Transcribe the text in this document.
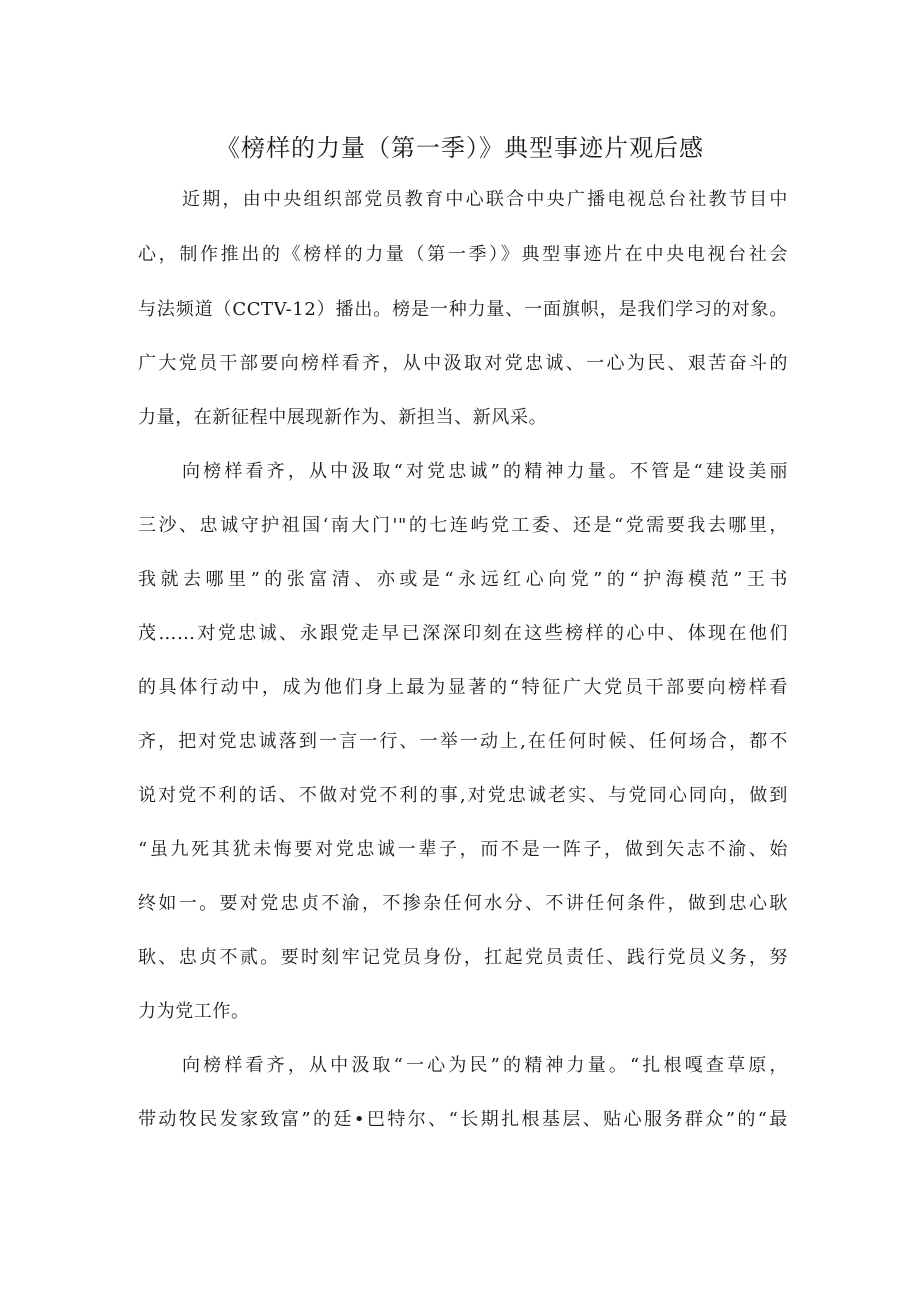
《榜样的力量（第一季）》典型事迹片观后感
近期，由中央组织部党员教育中心联合中央广播电视总台社教节目中
心，制作推出的《榜样的力量（第一季）》典型事迹片在中央电视台社会
与法频道（CCTV-12）播出。榜是一种力量、一面旗帜，是我们学习的对象。
广大党员干部要向榜样看齐，从中汲取对党忠诚、一心为民、艰苦奋斗的
力量，在新征程中展现新作为、新担当、新风采。
向榜样看齐，从中汲取“对党忠诚”的精神力量。不管是“建设美丽
三沙、忠诚守护祖国‘南大门'"的七连屿党工委、还是“党需要我去哪里，
我就去哪里”的张富清、亦或是“永远红心向党”的“护海模范”王书
茂……对党忠诚、永跟党走早已深深印刻在这些榜样的心中、体现在他们
的具体行动中，成为他们身上最为显著的“特征广大党员干部要向榜样看
齐，把对党忠诚落到一言一行、一举一动上,在任何时候、任何场合，都不
说对党不利的话、不做对党不利的事,对党忠诚老实、与党同心同向，做到
“虽九死其犹未悔要对党忠诚一辈子，而不是一阵子，做到矢志不渝、始
终如一。要对党忠贞不渝，不掺杂任何水分、不讲任何条件，做到忠心耿
耿、忠贞不贰。要时刻牢记党员身份，扛起党员责任、践行党员义务，努
力为党工作。
向榜样看齐，从中汲取“一心为民”的精神力量。“扎根嘎查草原，
带动牧民发家致富”的廷•巴特尔、“长期扎根基层、贴心服务群众”的“最
